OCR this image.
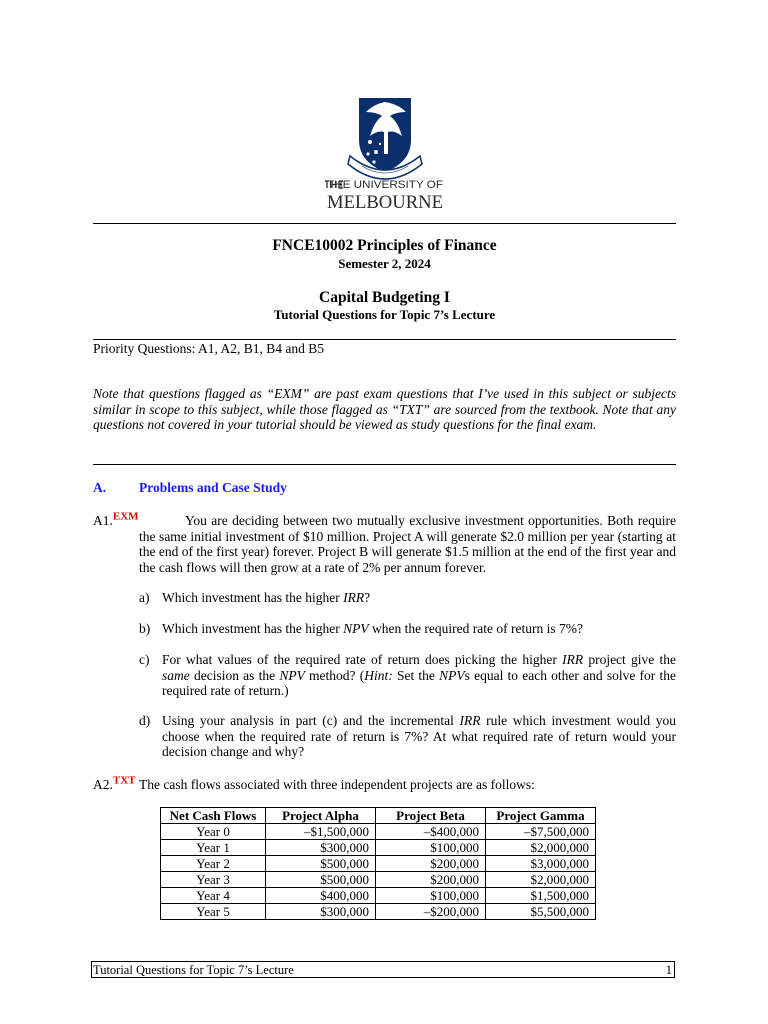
THE UNIVERSITY OF
MELBOURNE
FNCE10002 Principles of Finance
Semester 2, 2024
Capital Budgeting I
Tutorial Questions for Topic 7’s Lecture
Priority Questions: A1, A2, B1, B4 and B5
Note that questions flagged as “EXM” are past exam questions that I’ve used in this subject or subjects similar in scope to this subject, while those flagged as “TXT” are sourced from the textbook. Note that any questions not covered in your tutorial should be viewed as study questions for the final exam.
A. Problems and Case Study
A1.$^{EXM}$	You are deciding between two mutually exclusive investment opportunities. Both require the same initial investment of $10 million. Project A will generate $2.0 million per year (starting at the end of the first year) forever. Project B will generate $1.5 million at the end of the first year and the cash flows will then grow at a rate of 2% per annum forever.
a) Which investment has the higher IRR?
b) Which investment has the higher NPV when the required rate of return is 7%?
c) For what values of the required rate of return does picking the higher IRR project give the same decision as the NPV method? (Hint: Set the NPVs equal to each other and solve for the required rate of return.)
d) Using your analysis in part (c) and the incremental IRR rule which investment would you choose when the required rate of return is 7%? At what required rate of return would your decision change and why?
A2.$^{TXT}$ The cash flows associated with three independent projects are as follows:
Net Cash Flows	Project Alpha	Project Beta	Project Gamma
Year 0	–$1,500,000	–$400,000	–$7,500,000
Year 1	$300,000	$100,000	$2,000,000
Year 2	$500,000	$200,000	$3,000,000
Year 3	$500,000	$200,000	$2,000,000
Year 4	$400,000	$100,000	$1,500,000
Year 5	$300,000	–$200,000	$5,500,000
Tutorial Questions for Topic 7’s Lecture	1
